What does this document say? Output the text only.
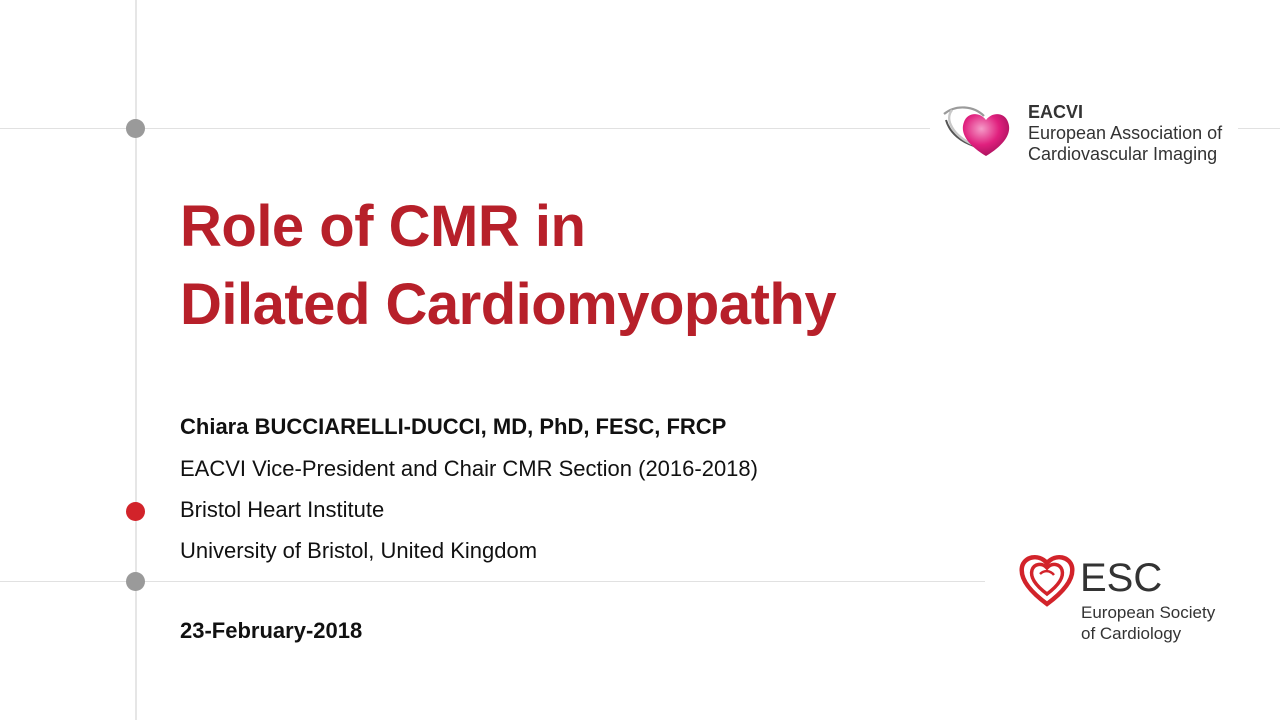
Role of CMR in
Dilated Cardiomyopathy
Chiara BUCCIARELLI-DUCCI, MD, PhD, FESC, FRCP
EACVI Vice-President and Chair CMR Section (2016-2018)
Bristol Heart Institute
University of Bristol, United Kingdom
23-February-2018
EACVI
European Association of
Cardiovascular Imaging
ESC
European Society
of Cardiology
